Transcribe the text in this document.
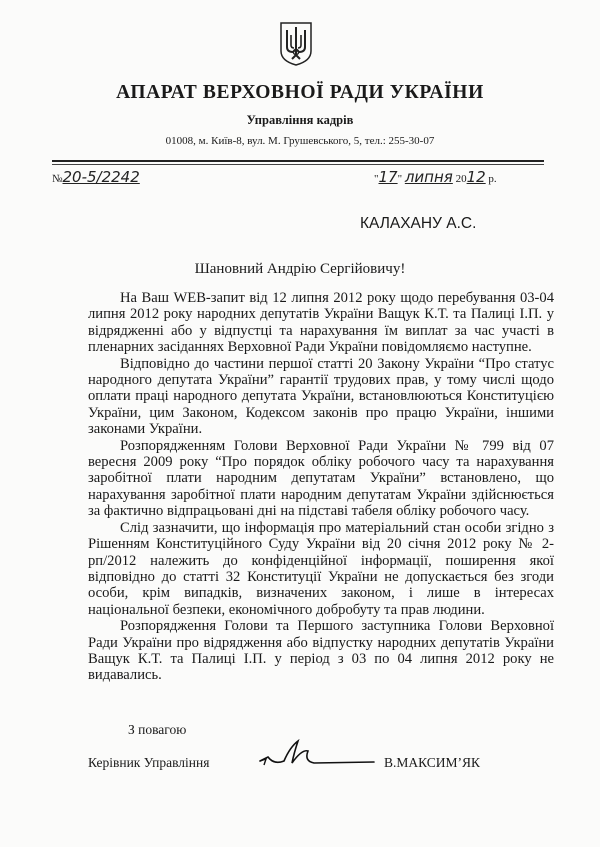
АПАРАТ ВЕРХОВНОЇ РАДИ УКРАЇНИ
Управління кадрів
01008, м. Київ-8, вул. М. Грушевського, 5, тел.: 255-30-07
№20-5/2242	"17" липня 2012 р.
КАЛАХАНУ А.С.
Шановний Андрію Сергійовичу!

На Ваш WEB-запит від 12 липня 2012 року щодо перебування 03-04 липня 2012 року народних депутатів України Ващук К.Т. та Палиці І.П. у відрядженні або у відпустці та нарахування їм виплат за час участі в пленарних засіданнях Верховної Ради України повідомляємо наступне.

Відповідно до частини першої статті 20 Закону України “Про статус народного депутата України” гарантії трудових прав, у тому числі щодо оплати праці народного депутата України, встановлюються Конституцією України, цим Законом, Кодексом законів про працю України, іншими законами України.

Розпорядженням Голови Верховної Ради України № 799 від 07 вересня 2009 року “Про порядок обліку робочого часу та нарахування заробітної плати народним депутатам України” встановлено, що нарахування заробітної плати народним депутатам України здійснюється за фактично відпрацьовані дні на підставі табеля обліку робочого часу.

Слід зазначити, що інформація про матеріальний стан особи згідно з Рішенням Конституційного Суду України від 20 січня 2012 року № 2-рп/2012 належить до конфіденційної інформації, поширення якої відповідно до статті 32 Конституції України не допускається без згоди особи, крім випадків, визначених законом, і лише в інтересах національної безпеки, економічного добробуту та прав людини.

Розпорядження Голови та Першого заступника Голови Верховної Ради України про відрядження або відпустку народних депутатів України Ващук К.Т. та Палиці І.П. у період з 03 по 04 липня 2012 року не видавались.

З повагою
Керівник Управління	В.МАКСИМ’ЯК
